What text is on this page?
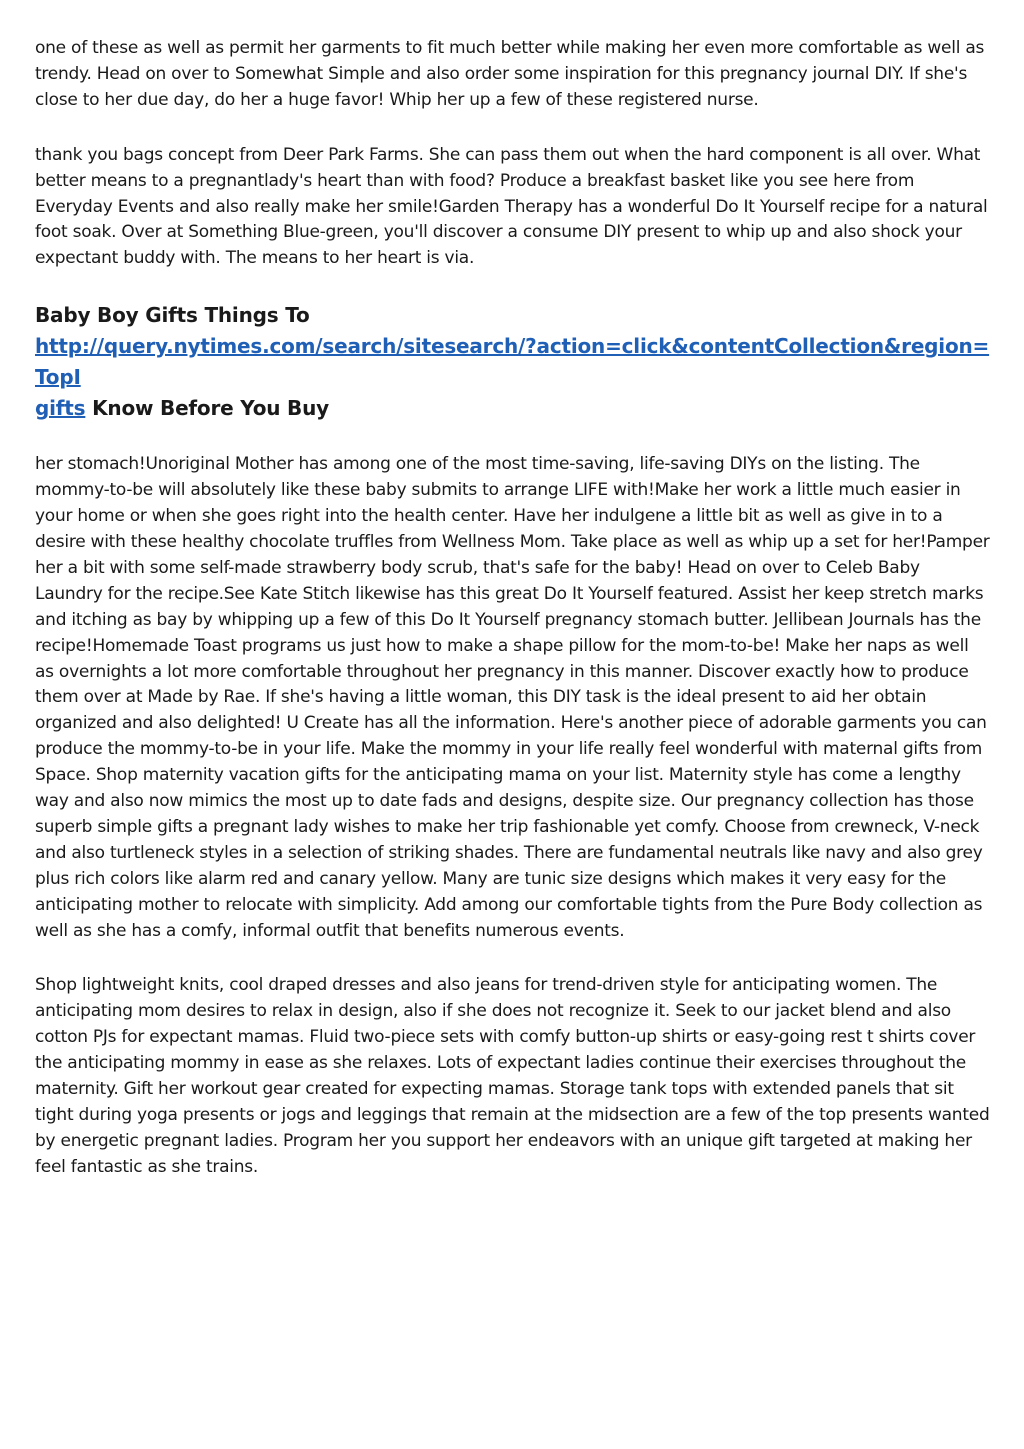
one of these as well as permit her garments to fit much better while making her even more comfortable as well as trendy. Head on over to Somewhat Simple and also order some inspiration for this pregnancy journal DIY. If she's close to her due day, do her a huge favor! Whip her up a few of these registered nurse.

thank you bags concept from Deer Park Farms. She can pass them out when the hard component is all over. What better means to a pregnantlady's heart than with food? Produce a breakfast basket like you see here from Everyday Events and also really make her smile!Garden Therapy has a wonderful Do It Yourself recipe for a natural foot soak. Over at Something Blue-green, you'll discover a consume DIY present to whip up and also shock your expectant buddy with. The means to her heart is via.

Baby Boy Gifts Things To
http://query.nytimes.com/search/sitesearch/?action=click&contentCollection&region=TopI
gifts Know Before You Buy

her stomach!Unoriginal Mother has among one of the most time-saving, life-saving DIYs on the listing. The mommy-to-be will absolutely like these baby submits to arrange LIFE with!Make her work a little much easier in your home or when she goes right into the health center. Have her indulgene a little bit as well as give in to a desire with these healthy chocolate truffles from Wellness Mom. Take place as well as whip up a set for her!Pamper her a bit with some self-made strawberry body scrub, that's safe for the baby! Head on over to Celeb Baby Laundry for the recipe.See Kate Stitch likewise has this great Do It Yourself featured. Assist her keep stretch marks and itching as bay by whipping up a few of this Do It Yourself pregnancy stomach butter. Jellibean Journals has the recipe!Homemade Toast programs us just how to make a shape pillow for the mom-to-be! Make her naps as well as overnights a lot more comfortable throughout her pregnancy in this manner. Discover exactly how to produce them over at Made by Rae. If she's having a little woman, this DIY task is the ideal present to aid her obtain organized and also delighted! U Create has all the information. Here's another piece of adorable garments you can produce the mommy-to-be in your life. Make the mommy in your life really feel wonderful with maternal gifts from Space. Shop maternity vacation gifts for the anticipating mama on your list. Maternity style has come a lengthy way and also now mimics the most up to date fads and designs, despite size. Our pregnancy collection has those superb simple gifts a pregnant lady wishes to make her trip fashionable yet comfy. Choose from crewneck, V-neck and also turtleneck styles in a selection of striking shades. There are fundamental neutrals like navy and also grey plus rich colors like alarm red and canary yellow. Many are tunic size designs which makes it very easy for the anticipating mother to relocate with simplicity. Add among our comfortable tights from the Pure Body collection as well as she has a comfy, informal outfit that benefits numerous events.

Shop lightweight knits, cool draped dresses and also jeans for trend-driven style for anticipating women. The anticipating mom desires to relax in design, also if she does not recognize it. Seek to our jacket blend and also cotton PJs for expectant mamas. Fluid two-piece sets with comfy button-up shirts or easy-going rest t shirts cover the anticipating mommy in ease as she relaxes. Lots of expectant ladies continue their exercises throughout the maternity. Gift her workout gear created for expecting mamas. Storage tank tops with extended panels that sit tight during yoga presents or jogs and leggings that remain at the midsection are a few of the top presents wanted by energetic pregnant ladies. Program her you support her endeavors with an unique gift targeted at making her feel fantastic as she trains.
